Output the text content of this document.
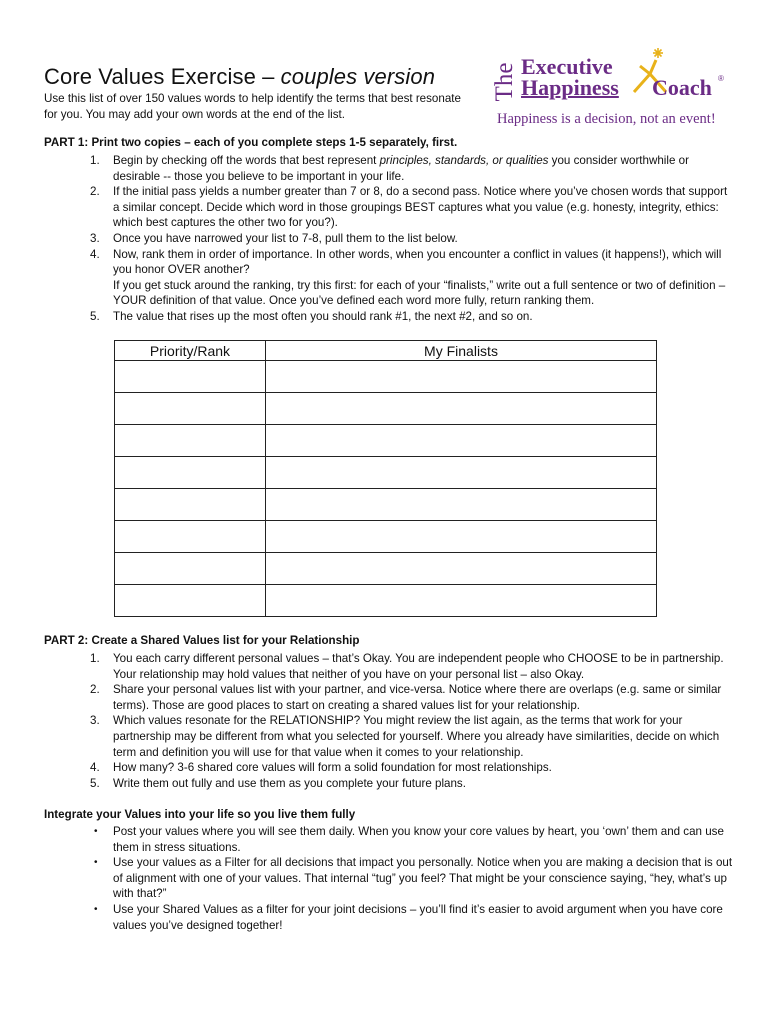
Core Values Exercise – couples version
Use this list of over 150 values words to help identify the terms that best resonate for you. You may add your own words at the end of the list.
The Executive
Happiness Coach ®
Happiness is a decision, not an event!
PART 1: Print two copies – each of you complete steps 1-5 separately, first.
1.	Begin by checking off the words that best represent principles, standards, or qualities you consider worthwhile or desirable -- those you believe to be important in your life.
2.	If the initial pass yields a number greater than 7 or 8, do a second pass. Notice where you’ve chosen words that support a similar concept. Decide which word in those groupings BEST captures what you value (e.g. honesty, integrity, ethics: which best captures the other two for you?).
3.	Once you have narrowed your list to 7-8, pull them to the list below.
4.	Now, rank them in order of importance. In other words, when you encounter a conflict in values (it happens!), which will you honor OVER another?
If you get stuck around the ranking, try this first: for each of your “finalists,” write out a full sentence or two of definition – YOUR definition of that value. Once you’ve defined each word more fully, return ranking them.
5.	The value that rises up the most often you should rank #1, the next #2, and so on.
Priority/Rank	My Finalists

PART 2: Create a Shared Values list for your Relationship
1.	You each carry different personal values – that’s Okay. You are independent people who CHOOSE to be in partnership. Your relationship may hold values that neither of you have on your personal list – also Okay.
2.	Share your personal values list with your partner, and vice-versa. Notice where there are overlaps (e.g. same or similar terms). Those are good places to start on creating a shared values list for your relationship.
3.	Which values resonate for the RELATIONSHIP? You might review the list again, as the terms that work for your partnership may be different from what you selected for yourself. Where you already have similarities, decide on which term and definition you will use for that value when it comes to your relationship.
4.	How many? 3-6 shared core values will form a solid foundation for most relationships.
5.	Write them out fully and use them as you complete your future plans.
Integrate your Values into your life so you live them fully
• Post your values where you will see them daily. When you know your core values by heart, you ‘own’ them and can use them in stress situations.
• Use your values as a Filter for all decisions that impact you personally. Notice when you are making a decision that is out of alignment with one of your values. That internal “tug” you feel? That might be your conscience saying, “hey, what’s up with that?”
• Use your Shared Values as a filter for your joint decisions – you’ll find it’s easier to avoid argument when you have core values you’ve designed together!
